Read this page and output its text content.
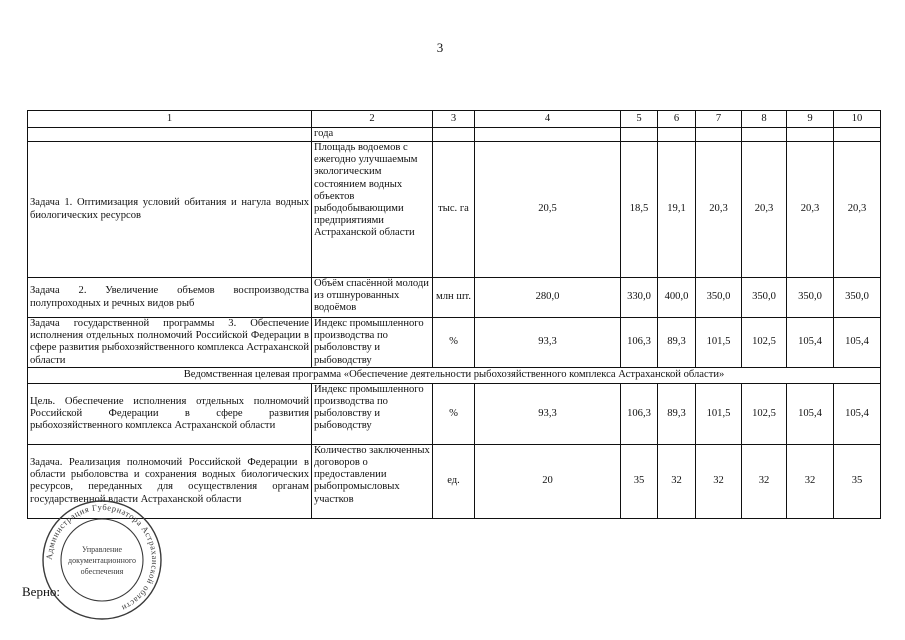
3
1	2	3	4	5	6	7	8	9	10
	года								
Задача 1. Оптимизация условий обитания и нагула водных биологических ресурсов	Площадь водоемов с ежегодно улучшаемым экологическим состоянием водных объектов рыбодобывающими предприятиями Астраханской области	тыс. га	20,5	18,5	19,1	20,3	20,3	20,3	20,3
Задача 2. Увеличение объемов воспроизводства полупроходных и речных видов рыб	Объём спасённой молоди из отшнурованных водоёмов	млн шт.	280,0	330,0	400,0	350,0	350,0	350,0	350,0
Задача государственной программы 3. Обеспечение исполнения отдельных полномочий Российской Федерации в сфере развития рыбохозяйственного комплекса Астраханской области	Индекс промышленного производства по рыболовству и рыбоводству	%	93,3	106,3	89,3	101,5	102,5	105,4	105,4
Ведомственная целевая программа «Обеспечение деятельности рыбохозяйственного комплекса Астраханской области»									
Цель. Обеспечение исполнения отдельных полномочий Российской Федерации в сфере развития рыбохозяйственного комплекса Астраханской области	Индекс промышленного производства по рыболовству и рыбоводству	%	93,3	106,3	89,3	101,5	102,5	105,4	105,4
Задача. Реализация полномочий Российской Федерации в области рыболовства и сохранения водных биологических ресурсов, переданных для осуществления органам государственной власти Астраханской области	Количество заключенных договоров о предоставлении рыбопромысловых участков	ед.	20	35	32	32	32	32	35
Администрация Губернатора Астраханской области
Управление
документационного
обеспечения
Верно:
